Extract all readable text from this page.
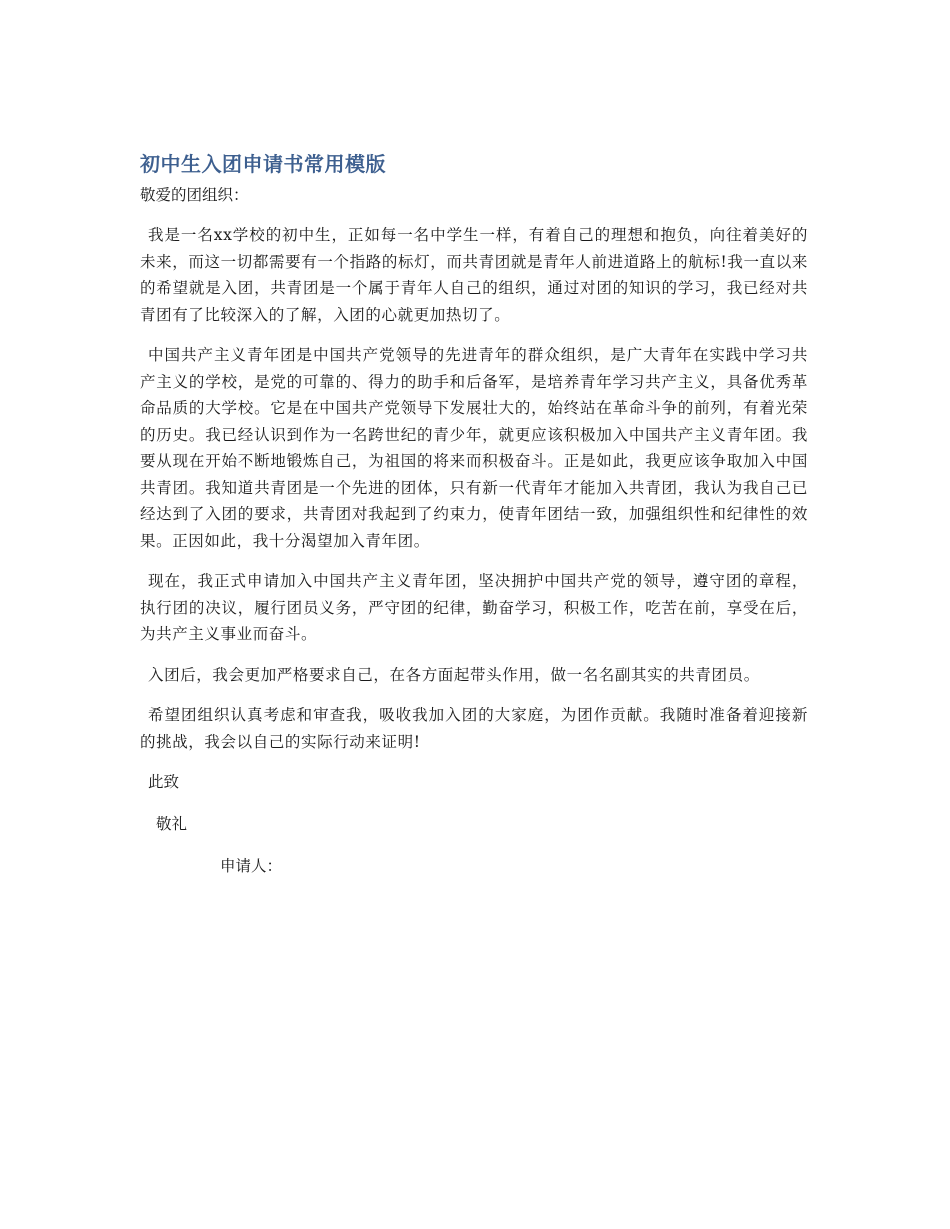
初中生入团申请书常用模版

敬爱的团组织：

我是一名xx学校的初中生，正如每一名中学生一样，有着自己的理想和抱负，向往着美好的未来，而这一切都需要有一个指路的标灯，而共青团就是青年人前进道路上的航标!我一直以来的希望就是入团，共青团是一个属于青年人自己的组织，通过对团的知识的学习，我已经对共青团有了比较深入的了解，入团的心就更加热切了。

中国共产主义青年团是中国共产党领导的先进青年的群众组织，是广大青年在实践中学习共产主义的学校，是党的可靠的、得力的助手和后备军，是培养青年学习共产主义，具备优秀革命品质的大学校。它是在中国共产党领导下发展壮大的，始终站在革命斗争的前列，有着光荣的历史。我已经认识到作为一名跨世纪的青少年，就更应该积极加入中国共产主义青年团。我要从现在开始不断地锻炼自己，为祖国的将来而积极奋斗。正是如此，我更应该争取加入中国共青团。我知道共青团是一个先进的团体，只有新一代青年才能加入共青团，我认为我自己已经达到了入团的要求，共青团对我起到了约束力，使青年团结一致，加强组织性和纪律性的效果。正因如此，我十分渴望加入青年团。

现在，我正式申请加入中国共产主义青年团，坚决拥护中国共产党的领导，遵守团的章程，执行团的决议，履行团员义务，严守团的纪律，勤奋学习，积极工作，吃苦在前，享受在后，为共产主义事业而奋斗。

入团后，我会更加严格要求自己，在各方面起带头作用，做一名名副其实的共青团员。

希望团组织认真考虑和审查我，吸收我加入团的大家庭，为团作贡献。我随时准备着迎接新的挑战，我会以自己的实际行动来证明!

此致

敬礼

申请人：
